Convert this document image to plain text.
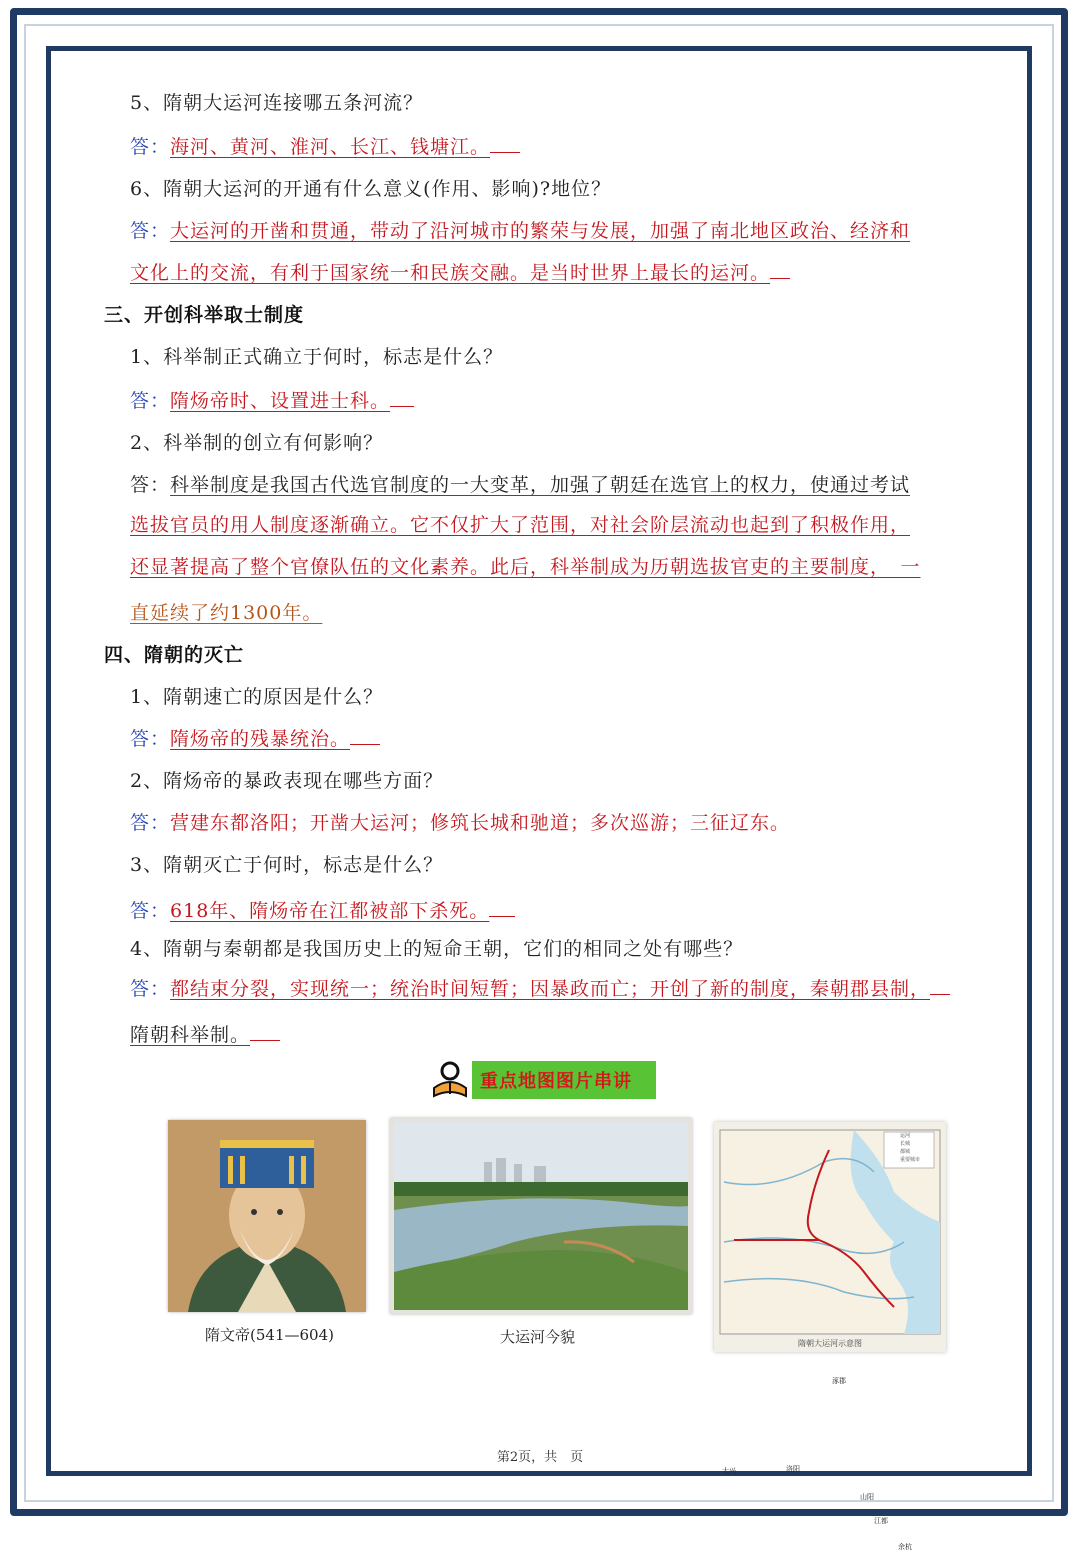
5、隋朝大运河连接哪五条河流？
答：海河、黄河、淮河、长江、钱塘江。
6、隋朝大运河的开通有什么意义(作用、影响)?地位？
答：大运河的开凿和贯通，带动了沿河城市的繁荣与发展，加强了南北地区政治、经济和
文化上的交流，有利于国家统一和民族交融。是当时世界上最长的运河。
三、开创科举取士制度
1、科举制正式确立于何时，标志是什么？
答：隋炀帝时、设置进士科。
2、科举制的创立有何影响？
答：科举制度是我国古代选官制度的一大变革，加强了朝廷在选官上的权力，使通过考试
选拔官员的用人制度逐渐确立。它不仅扩大了范围，对社会阶层流动也起到了积极作用，
还显著提高了整个官僚队伍的文化素养。此后，科举制成为历朝选拔官吏的主要制度，　一
直延续了约1300年。
四、隋朝的灭亡
1、隋朝速亡的原因是什么？
答：隋炀帝的残暴统治。
2、隋炀帝的暴政表现在哪些方面？
答：营建东都洛阳；开凿大运河；修筑长城和驰道；多次巡游；三征辽东。
3、隋朝灭亡于何时，标志是什么？
答：618年、隋炀帝在江都被部下杀死。
4、隋朝与秦朝都是我国历史上的短命王朝，它们的相同之处有哪些？
答：都结束分裂，实现统一；统治时间短暂；因暴政而亡；开创了新的制度，秦朝郡县制，
隋朝科举制。

重点地图图片串讲
隋文帝(541—604)	大运河今貌
运河
长城
都城
重要城市
涿郡
洛阳
大兴
江都
余杭
山阳
隋朝大运河示意图
第2页，共　页
